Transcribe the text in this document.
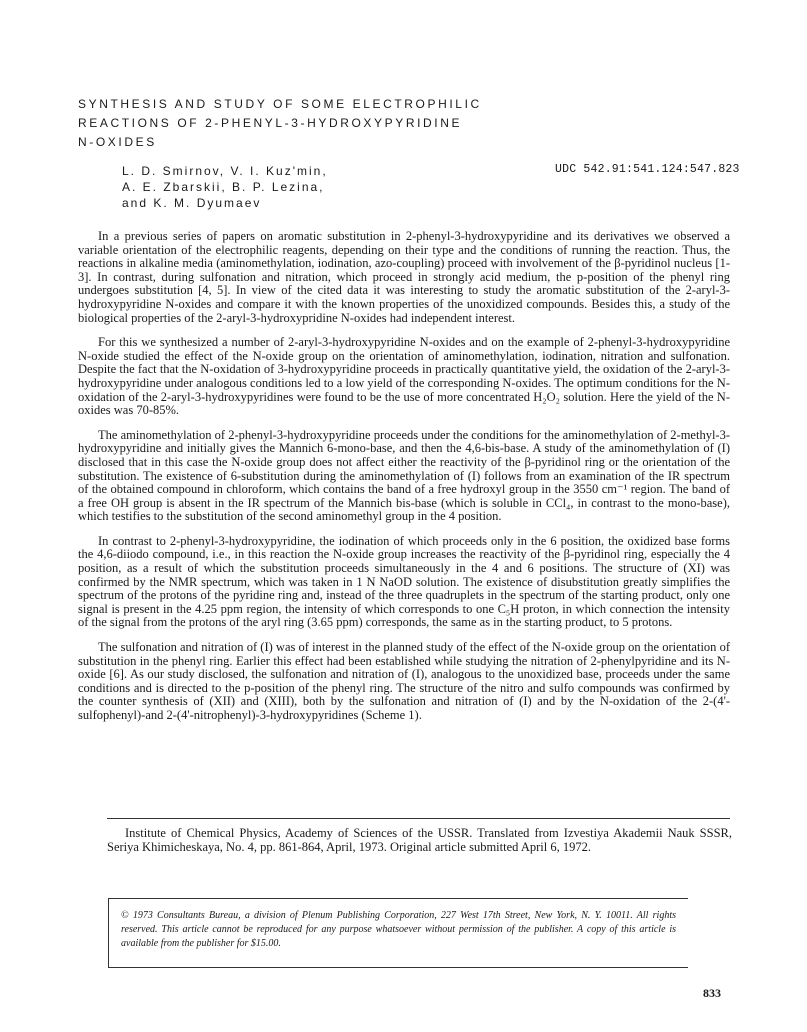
SYNTHESIS AND STUDY OF SOME ELECTROPHILIC
REACTIONS OF 2-PHENYL-3-HYDROXYPYRIDINE
N-OXIDES
L. D. Smirnov, V. I. Kuz'min,
A. E. Zbarskii, B. P. Lezina,
and K. M. Dyumaev
UDC 542.91:541.124:547.823

In a previous series of papers on aromatic substitution in 2-phenyl-3-hydroxypyridine and its derivatives we observed a variable orientation of the electrophilic reagents, depending on their type and the conditions of running the reaction. Thus, the reactions in alkaline media (aminomethylation, iodination, azo-coupling) proceed with involvement of the β-pyridinol nucleus [1-3]. In contrast, during sulfonation and nitration, which proceed in strongly acid medium, the p-position of the phenyl ring undergoes substitution [4, 5]. In view of the cited data it was interesting to study the aromatic substitution of the 2-aryl-3-hydroxypyridine N-oxides and compare it with the known properties of the unoxidized compounds. Besides this, a study of the biological properties of the 2-aryl-3-hydroxypridine N-oxides had independent interest.

For this we synthesized a number of 2-aryl-3-hydroxypyridine N-oxides and on the example of 2-phenyl-3-hydroxypyridine N-oxide studied the effect of the N-oxide group on the orientation of aminomethylation, iodination, nitration and sulfonation. Despite the fact that the N-oxidation of 3-hydroxypyridine proceeds in practically quantitative yield, the oxidation of the 2-aryl-3-hydroxypyridine under analogous conditions led to a low yield of the corresponding N-oxides. The optimum conditions for the N-oxidation of the 2-aryl-3-hydroxypyridines were found to be the use of more concentrated H₂O₂ solution. Here the yield of the N-oxides was 70-85%.

The aminomethylation of 2-phenyl-3-hydroxypyridine proceeds under the conditions for the aminomethylation of 2-methyl-3-hydroxypyridine and initially gives the Mannich 6-mono-base, and then the 4,6-bis-base. A study of the aminomethylation of (I) disclosed that in this case the N-oxide group does not affect either the reactivity of the β-pyridinol ring or the orientation of the substitution. The existence of 6-substitution during the aminomethylation of (I) follows from an examination of the IR spectrum of the obtained compound in chloroform, which contains the band of a free hydroxyl group in the 3550 cm⁻¹ region. The band of a free OH group is absent in the IR spectrum of the Mannich bis-base (which is soluble in CCl₄, in contrast to the mono-base), which testifies to the substitution of the second aminomethyl group in the 4 position.

In contrast to 2-phenyl-3-hydroxypyridine, the iodination of which proceeds only in the 6 position, the oxidized base forms the 4,6-diiodo compound, i.e., in this reaction the N-oxide group increases the reactivity of the β-pyridinol ring, especially the 4 position, as a result of which the substitution proceeds simultaneously in the 4 and 6 positions. The structure of (XI) was confirmed by the NMR spectrum, which was taken in 1 N NaOD solution. The existence of disubstitution greatly simplifies the spectrum of the protons of the pyridine ring and, instead of the three quadruplets in the spectrum of the starting product, only one signal is present in the 4.25 ppm region, the intensity of which corresponds to one C₅H proton, in which connection the intensity of the signal from the protons of the aryl ring (3.65 ppm) corresponds, the same as in the starting product, to 5 protons.

The sulfonation and nitration of (I) was of interest in the planned study of the effect of the N-oxide group on the orientation of substitution in the phenyl ring. Earlier this effect had been established while studying the nitration of 2-phenylpyridine and its N-oxide [6]. As our study disclosed, the sulfonation and nitration of (I), analogous to the unoxidized base, proceeds under the same conditions and is directed to the p-position of the phenyl ring. The structure of the nitro and sulfo compounds was confirmed by the counter synthesis of (XII) and (XIII), both by the sulfonation and nitration of (I) and by the N-oxidation of the 2-(4'-sulfophenyl)-and 2-(4'-nitrophenyl)-3-hydroxypyridines (Scheme 1).

Institute of Chemical Physics, Academy of Sciences of the USSR. Translated from Izvestiya Akademii Nauk SSSR, Seriya Khimicheskaya, No. 4, pp. 861-864, April, 1973. Original article submitted April 6, 1972.

© 1973 Consultants Bureau, a division of Plenum Publishing Corporation, 227 West 17th Street, New York, N. Y. 10011. All rights reserved. This article cannot be reproduced for any purpose whatsoever without permission of the publisher. A copy of this article is available from the publisher for $15.00.
833
